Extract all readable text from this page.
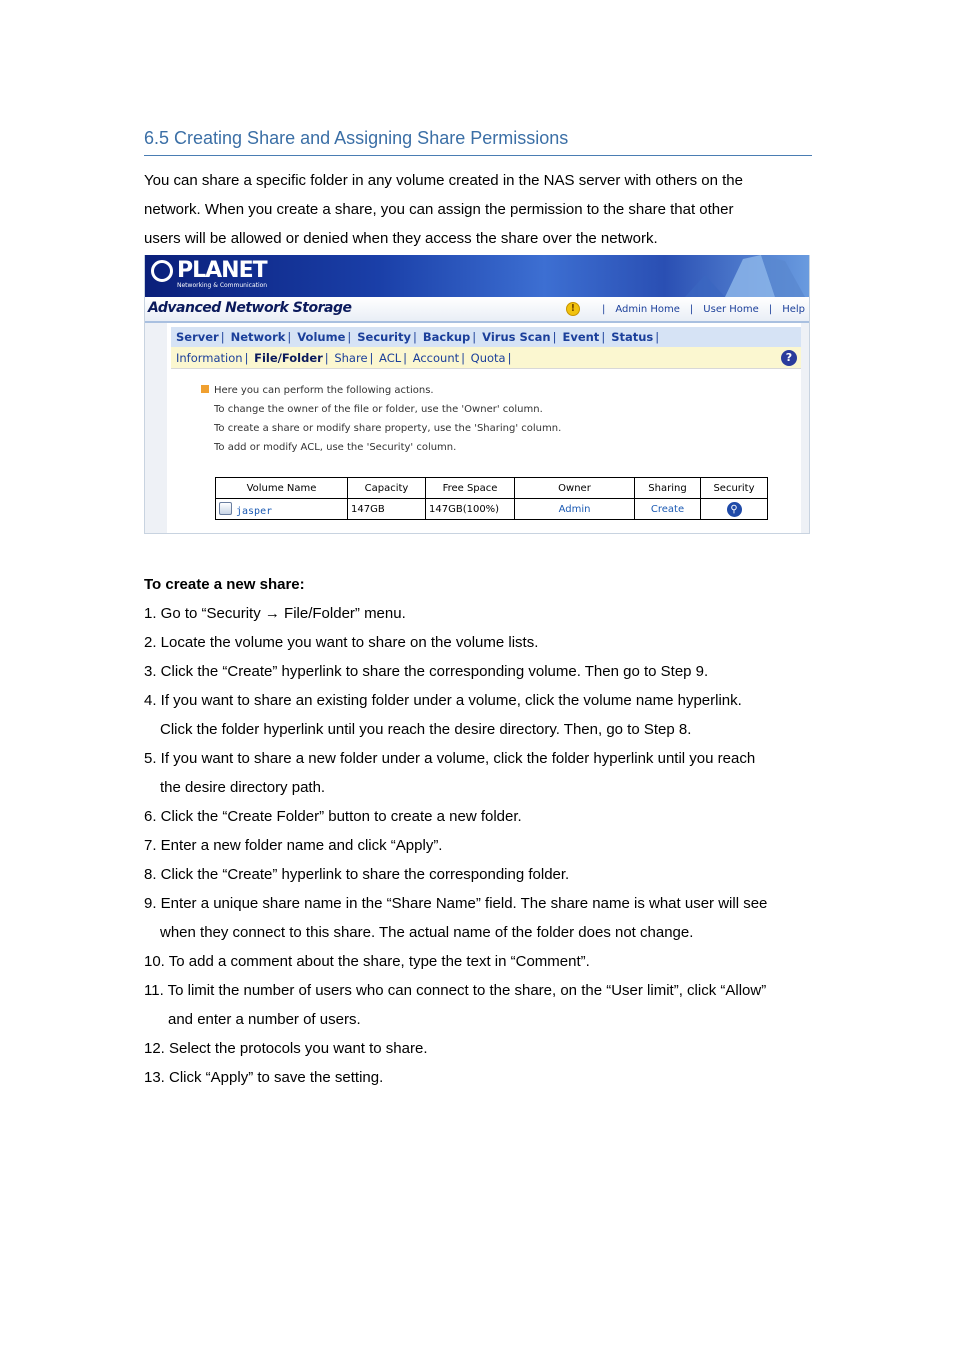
6.5 Creating Share and Assigning Share Permissions

You can share a specific folder in any volume created in the NAS server with others on the

network. When you create a share, you can assign the permission to the share that other

users will be allowed or denied when they access the share over the network.

PLANET
Networking & Communication
Advanced Network Storage	!	| Admin Home | User Home | Help
Server | Network | Volume | Security | Backup | Virus Scan | Event | Status |
Information | File/Folder | Share | ACL | Account | Quota |	?
Here you can perform the following actions.
To change the owner of the file or folder, use the 'Owner' column.
To create a share or modify share property, use the 'Sharing' column.
To add or modify ACL, use the 'Security' column.
Volume Name	Capacity	Free Space	Owner	Sharing	Security
jasper	147GB	147GB(100%)	Admin	Create	⚲

To create a new share:

1. Go to “Security → File/Folder” menu.

2. Locate the volume you want to share on the volume lists.

3. Click the “Create” hyperlink to share the corresponding volume. Then go to Step 9.

4. If you want to share an existing folder under a volume, click the volume name hyperlink.

Click the folder hyperlink until you reach the desire directory. Then, go to Step 8.

5. If you want to share a new folder under a volume, click the folder hyperlink until you reach

the desire directory path.

6. Click the “Create Folder” button to create a new folder.

7. Enter a new folder name and click “Apply”.

8. Click the “Create” hyperlink to share the corresponding folder.

9. Enter a unique share name in the “Share Name” field. The share name is what user will see

when they connect to this share. The actual name of the folder does not change.

10. To add a comment about the share, type the text in “Comment”.

11. To limit the number of users who can connect to the share, on the “User limit”, click “Allow”

and enter a number of users.

12. Select the protocols you want to share.

13. Click “Apply” to save the setting.
